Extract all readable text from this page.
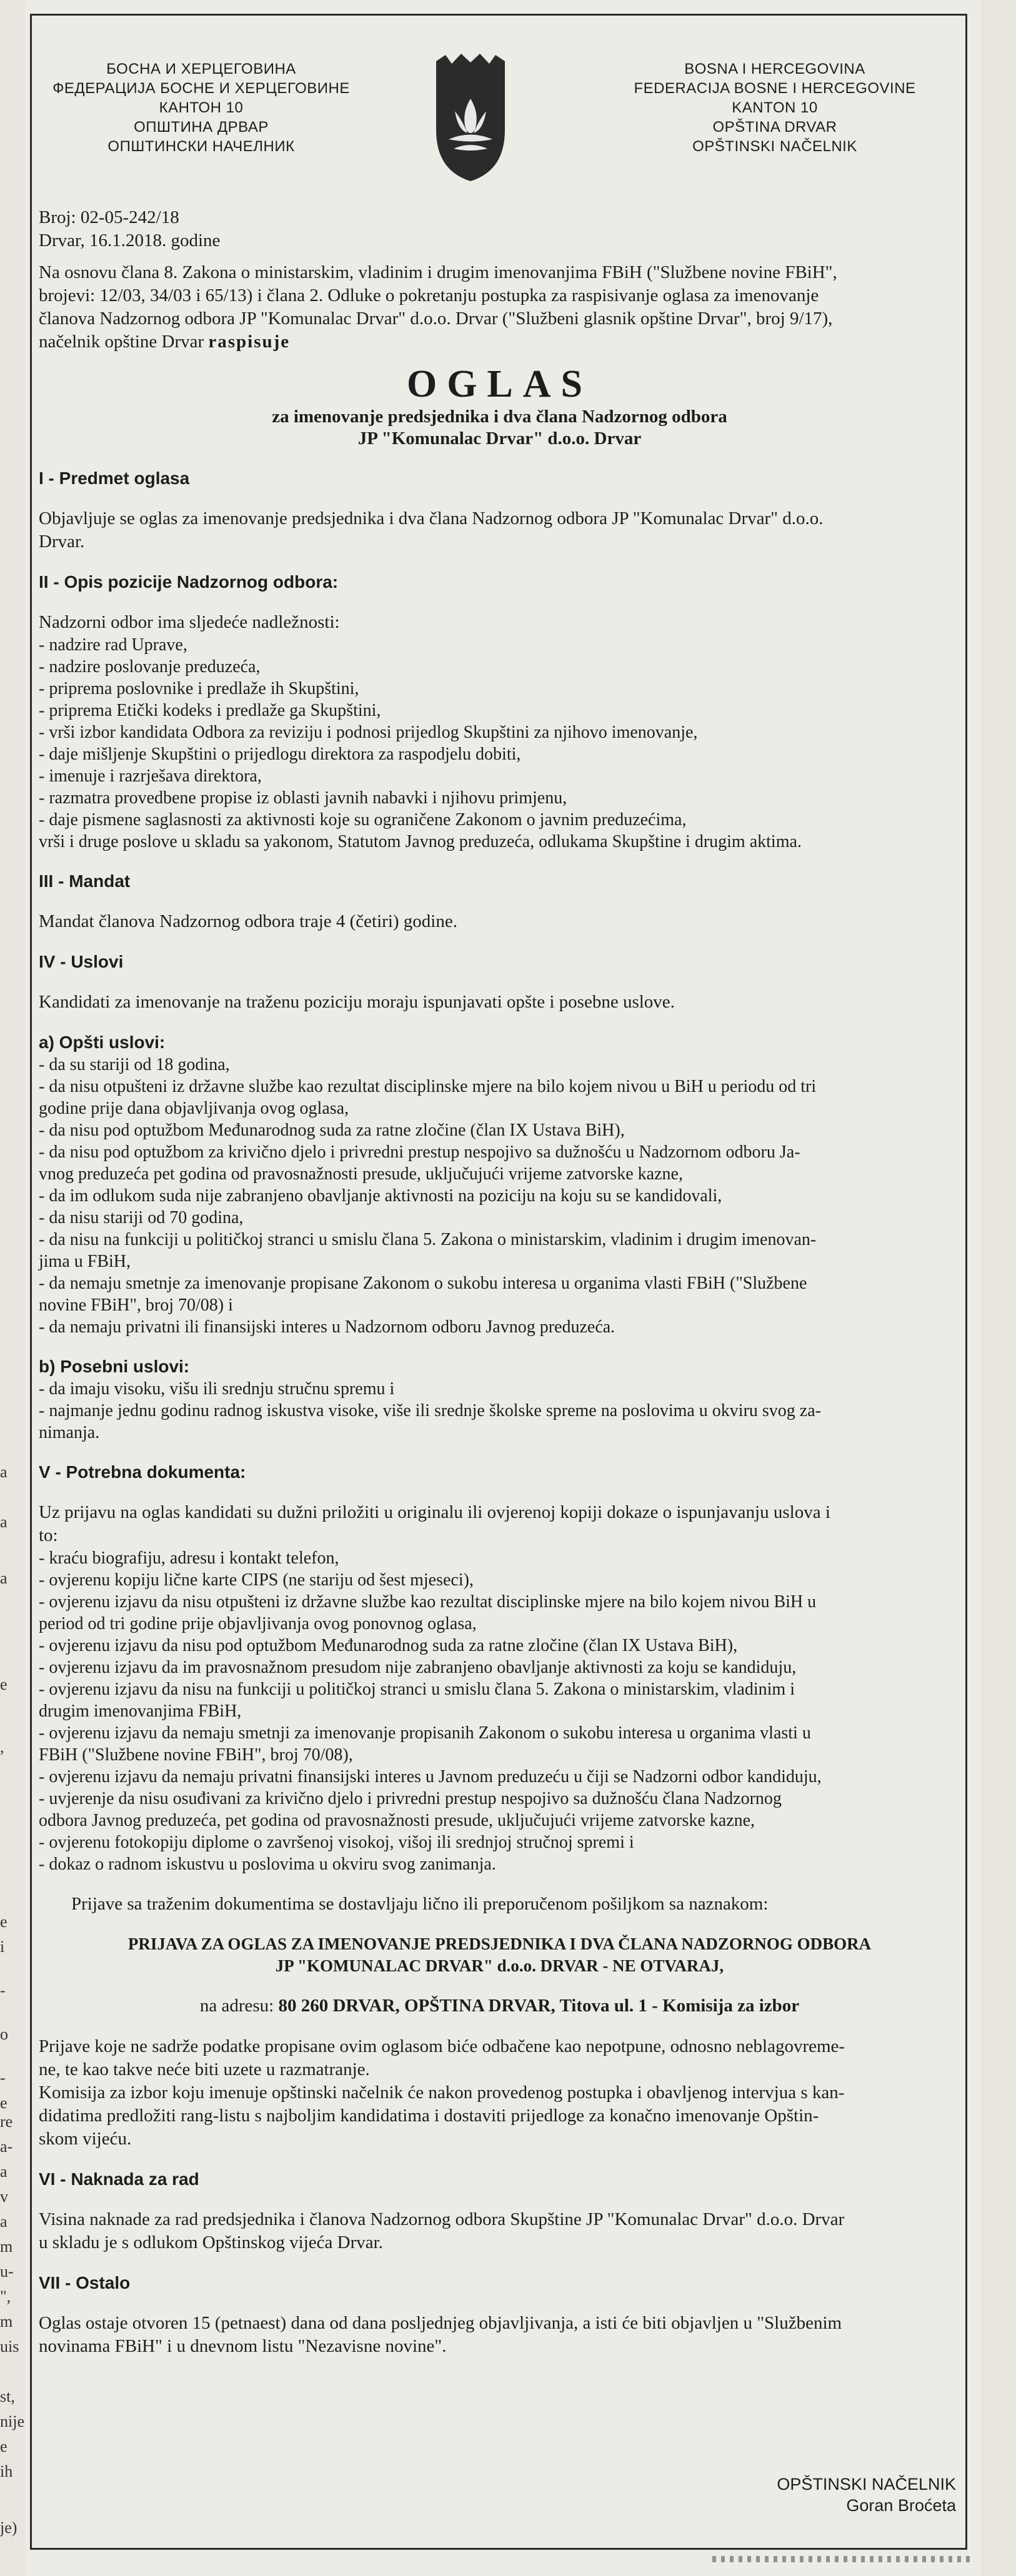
БОСНА И ХЕРЦЕГОВИНА
ФЕДЕРАЦИЈА БОСНЕ И ХЕРЦЕГОВИНЕ
КАНТОН 10
ОПШТИНА ДРВАР
ОПШТИНСКИ НАЧЕЛНИК
BOSNA I HERCEGOVINA
FEDERACIJA BOSNE I HERCEGOVINE
KANTON 10
OPŠTINA DRVAR
OPŠTINSKI NAČELNIK

Broj: 02-05-242/18

Drvar, 16.1.2018. godine

Na osnovu člana 8. Zakona o ministarskim, vladinim i drugim imenovanjima FBiH ("Službene novine FBiH",

brojevi: 12/03, 34/03 i 65/13) i člana 2. Odluke o pokretanju postupka za raspisivanje oglasa za imenovanje

članova Nadzornog odbora JP "Komunalac Drvar" d.o.o. Drvar ("Službeni glasnik opštine Drvar", broj 9/17),

načelnik opštine Drvar raspisuje

OGLAS

za imenovanje predsjednika i dva člana Nadzornog odbora

JP "Komunalac Drvar" d.o.o. Drvar

I - Predmet oglasa

Objavljuje se oglas za imenovanje predsjednika i dva člana Nadzornog odbora JP "Komunalac Drvar" d.o.o.

Drvar.

II - Opis pozicije Nadzornog odbora:

Nadzorni odbor ima sljedeće nadležnosti:

- nadzire rad Uprave,
- nadzire poslovanje preduzeća,
- priprema poslovnike i predlaže ih Skupštini,
- priprema Etički kodeks i predlaže ga Skupštini,
- vrši izbor kandidata Odbora za reviziju i podnosi prijedlog Skupštini za njihovo imenovanje,
- daje mišljenje Skupštini o prijedlogu direktora za raspodjelu dobiti,
- imenuje i razrješava direktora,
- razmatra provedbene propise iz oblasti javnih nabavki i njihovu primjenu,
- daje pismene saglasnosti za aktivnosti koje su ograničene Zakonom o javnim preduzećima,
vrši i druge poslove u skladu sa yakonom, Statutom Javnog preduzeća, odlukama Skupštine i drugim aktima.

III - Mandat

Mandat članova Nadzornog odbora traje 4 (četiri) godine.

IV - Uslovi

Kandidati za imenovanje na traženu poziciju moraju ispunjavati opšte i posebne uslove.

a) Opšti uslovi:

- da su stariji od 18 godina,
- da nisu otpušteni iz državne službe kao rezultat disciplinske mjere na bilo kojem nivou u BiH u periodu od tri
godine prije dana objavljivanja ovog oglasa,
- da nisu pod optužbom Međunarodnog suda za ratne zločine (član IX Ustava BiH),
- da nisu pod optužbom za krivično djelo i privredni prestup nespojivo sa dužnošću u Nadzornom odboru Ja-
vnog preduzeća pet godina od pravosnažnosti presude, uključujući vrijeme zatvorske kazne,
- da im odlukom suda nije zabranjeno obavljanje aktivnosti na poziciju na koju su se kandidovali,
- da nisu stariji od 70 godina,
- da nisu na funkciji u političkoj stranci u smislu člana 5. Zakona o ministarskim, vladinim i drugim imenovan-
jima u FBiH,
- da nemaju smetnje za imenovanje propisane Zakonom o sukobu interesa u organima vlasti FBiH ("Službene
novine FBiH", broj 70/08) i
- da nemaju privatni ili finansijski interes u Nadzornom odboru Javnog preduzeća.

b) Posebni uslovi:

- da imaju visoku, višu ili srednju stručnu spremu i
- najmanje jednu godinu radnog iskustva visoke, više ili srednje školske spreme na poslovima u okviru svog za-
nimanja.

V - Potrebna dokumenta:

Uz prijavu na oglas kandidati su dužni priložiti u originalu ili ovjerenoj kopiji dokaze o ispunjavanju uslova i

to:

- kraću biografiju, adresu i kontakt telefon,
- ovjerenu kopiju lične karte CIPS (ne stariju od šest mjeseci),
- ovjerenu izjavu da nisu otpušteni iz državne službe kao rezultat disciplinske mjere na bilo kojem nivou BiH u
period od tri godine prije objavljivanja ovog ponovnog oglasa,
- ovjerenu izjavu da nisu pod optužbom Međunarodnog suda za ratne zločine (član IX Ustava BiH),
- ovjerenu izjavu da im pravosnažnom presudom nije zabranjeno obavljanje aktivnosti za koju se kandiduju,
- ovjerenu izjavu da nisu na funkciji u političkoj stranci u smislu člana 5. Zakona o ministarskim, vladinim i
drugim imenovanjima FBiH,
- ovjerenu izjavu da nemaju smetnji za imenovanje propisanih Zakonom o sukobu interesa u organima vlasti u
FBiH ("Službene novine FBiH", broj 70/08),
- ovjerenu izjavu da nemaju privatni finansijski interes u Javnom preduzeću u čiji se Nadzorni odbor kandiduju,
- uvjerenje da nisu osuđivani za krivično djelo i privredni prestup nespojivo sa dužnošću člana Nadzornog
odbora Javnog preduzeća, pet godina od pravosnažnosti presude, uključujući vrijeme zatvorske kazne,
- ovjerenu fotokopiju diplome o završenoj visokoj, višoj ili srednjoj stručnoj spremi i
- dokaz o radnom iskustvu u poslovima u okviru svog zanimanja.

Prijave sa traženim dokumentima se dostavljaju lično ili preporučenom pošiljkom sa naznakom:

PRIJAVA ZA OGLAS ZA IMENOVANJE PREDSJEDNIKA I DVA ČLANA NADZORNOG ODBORA

JP "KOMUNALAC DRVAR" d.o.o. DRVAR - NE OTVARAJ,

na adresu: 80 260 DRVAR, OPŠTINA DRVAR, Titova ul. 1 - Komisija za izbor

Prijave koje ne sadrže podatke propisane ovim oglasom biće odbačene kao nepotpune, odnosno neblagovreme-

ne, te kao takve neće biti uzete u razmatranje.

Komisija za izbor koju imenuje opštinski načelnik će nakon provedenog postupka i obavljenog intervjua s kan-

didatima predložiti rang-listu s najboljim kandidatima i dostaviti prijedloge za konačno imenovanje Opštin-

skom vijeću.

VI - Naknada za rad

Visina naknade za rad predsjednika i članova Nadzornog odbora Skupštine JP "Komunalac Drvar" d.o.o. Drvar

u skladu je s odlukom Opštinskog vijeća Drvar.

VII - Ostalo

Oglas ostaje otvoren 15 (petnaest) dana od dana posljednjeg objavljivanja, a isti će biti objavljen u "Službenim

novinama FBiH" i u dnevnom listu "Nezavisne novine".

OPŠTINSKI NAČELNIK
Goran Broćeta
a
a
a
e
,
e
i
-
o
-
e
re
a-
a
v
a
m
u-
",
m
uis
st,
nije
e
ih
je)
